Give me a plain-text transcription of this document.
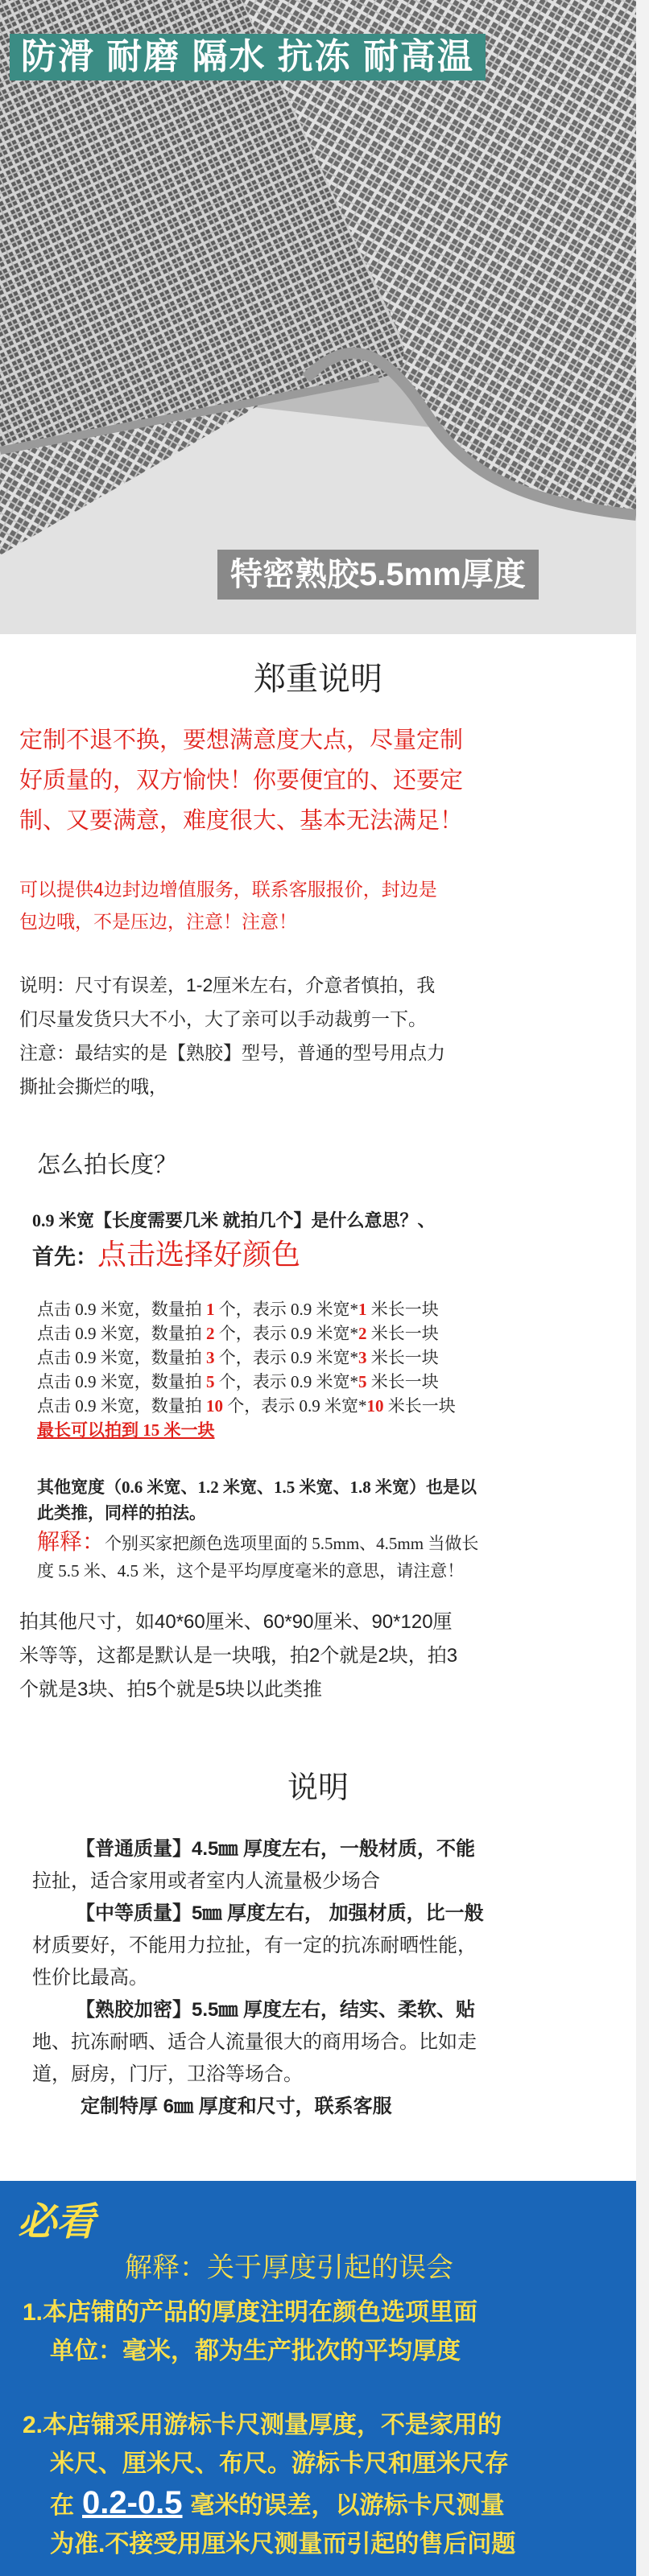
防滑 耐磨 隔水 抗冻 耐高温
特密熟胶5.5mm厚度
郑重说明
定制不退不换，要想满意度大点，尽量定制
好质量的，双方愉快！你要便宜的、还要定
制、又要满意，难度很大、基本无法满足！
可以提供4边封边增值服务，联系客服报价，封边是
包边哦，不是压边，注意！注意！
说明：尺寸有误差，1-2厘米左右，介意者慎拍，我
们尽量发货只大不小，大了亲可以手动裁剪一下。
注意：最结实的是【熟胶】型号，普通的型号用点力
撕扯会撕烂的哦，
怎么拍长度？
0.9 米宽【长度需要几米 就拍几个】是什么意思？、
首先：点击选择好颜色
点击 0.9 米宽，数量拍 1 个，表示 0.9 米宽*1 米长一块
点击 0.9 米宽，数量拍 2 个，表示 0.9 米宽*2 米长一块
点击 0.9 米宽，数量拍 3 个，表示 0.9 米宽*3 米长一块
点击 0.9 米宽，数量拍 5 个，表示 0.9 米宽*5 米长一块
点击 0.9 米宽，数量拍 10 个，表示 0.9 米宽*10 米长一块
最长可以拍到 15 米一块
其他宽度（0.6 米宽、1.2 米宽、1.5 米宽、1.8 米宽）也是以
此类推，同样的拍法。
解释：个别买家把颜色选项里面的 5.5mm、4.5mm 当做长
度 5.5 米、4.5 米，这个是平均厚度毫米的意思，请注意！
拍其他尺寸，如40*60厘米、60*90厘米、90*120厘
米等等，这都是默认是一块哦，拍2个就是2块，拍3
个就是3块、拍5个就是5块以此类推
说明
【普通质量】4.5㎜ 厚度左右，一般材质，不能
拉扯，适合家用或者室内人流量极少场合
【中等质量】5㎜ 厚度左右， 加强材质，比一般
材质要好，不能用力拉扯，有一定的抗冻耐晒性能，
性价比最高。
【熟胶加密】5.5㎜ 厚度左右，结实、柔软、贴
地、抗冻耐晒、适合人流量很大的商用场合。比如走
道，厨房，门厅，卫浴等场合。
定制特厚 6㎜ 厚度和尺寸，联系客服
必看
解释：关于厚度引起的误会
1.本店铺的产品的厚度注明在颜色选项里面
单位：毫米，都为生产批次的平均厚度
2.本店铺采用游标卡尺测量厚度，不是家用的
米尺、厘米尺、布尺。游标卡尺和厘米尺存
在 0.2-0.5 毫米的误差，以游标卡尺测量
为准.不接受用厘米尺测量而引起的售后问题
